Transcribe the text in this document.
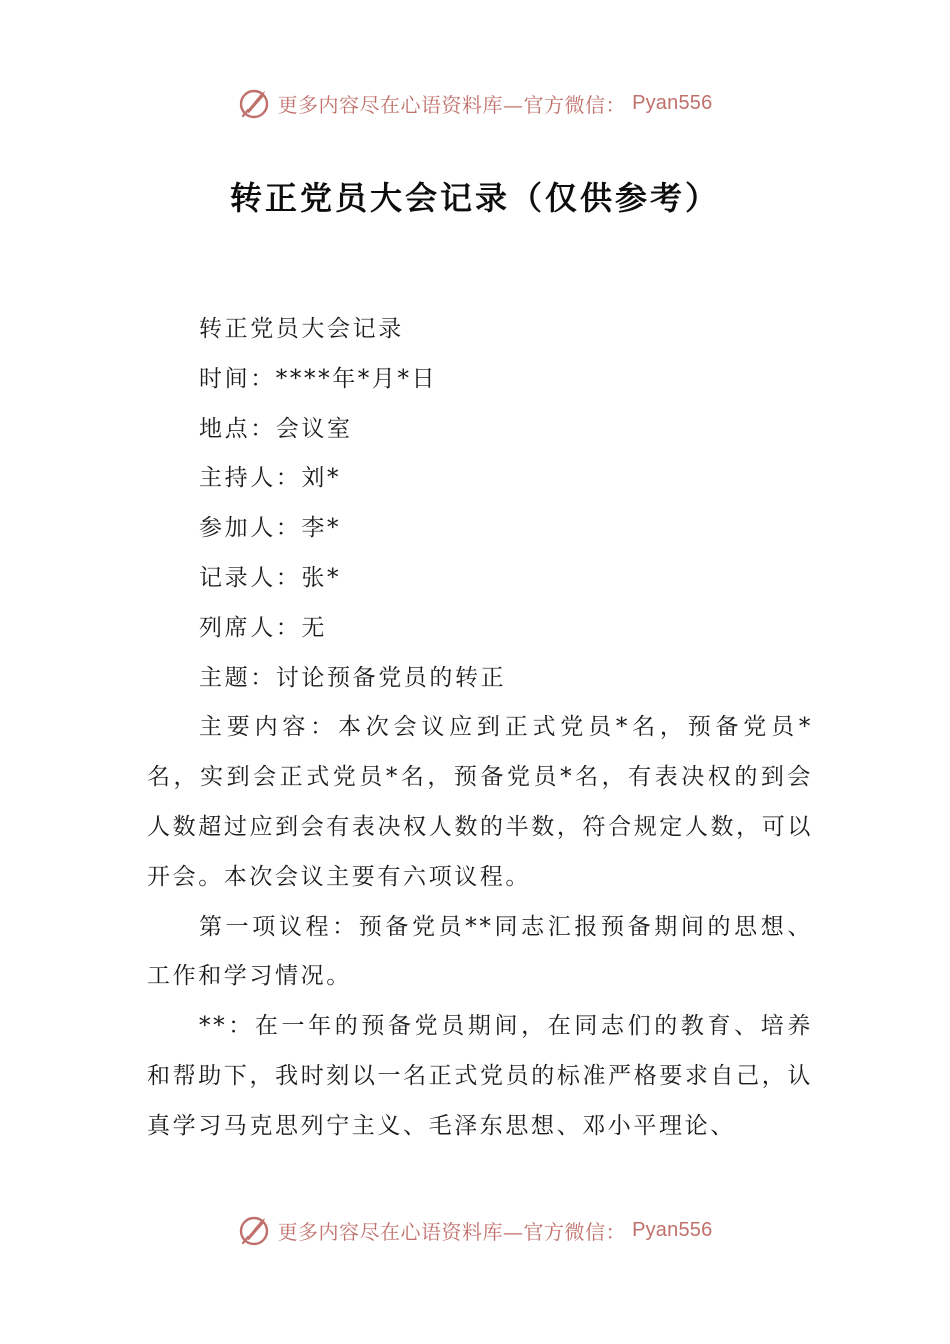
更多内容尽在心语资料库—官方微信： Pyan556
转正党员大会记录（仅供参考）

转正党员大会记录

时间：****年*月*日

地点：会议室

主持人：刘*

参加人：李*

记录人：张*

列席人：无

主题：讨论预备党员的转正

主要内容：本次会议应到正式党员*名，预备党员*名，实到会正式党员*名，预备党员*名，有表决权的到会人数超过应到会有表决权人数的半数，符合规定人数，可以开会。本次会议主要有六项议程。

第一项议程：预备党员**同志汇报预备期间的思想、工作和学习情况。

**：在一年的预备党员期间，在同志们的教育、培养和帮助下，我时刻以一名正式党员的标准严格要求自己，认真学习马克思列宁主义、毛泽东思想、邓小平理论、

更多内容尽在心语资料库—官方微信： Pyan556
